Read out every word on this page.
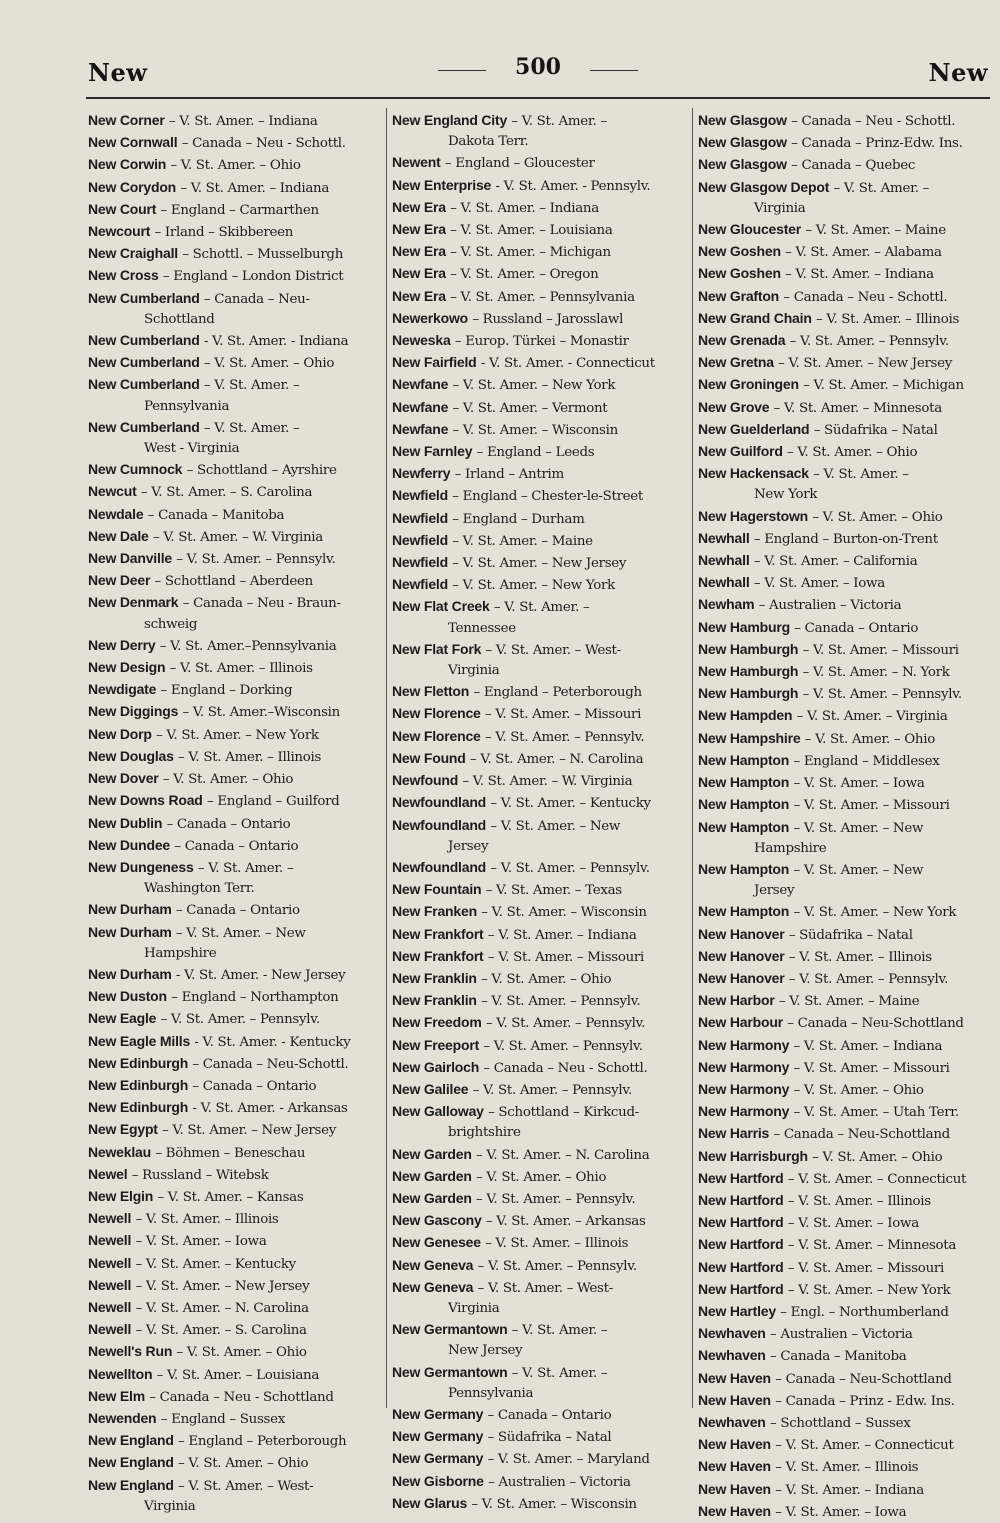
New	500	New
New Corner – V. St. Amer. – Indiana
New Cornwall – Canada – Neu - Schottl.
New Corwin – V. St. Amer. – Ohio
New Corydon – V. St. Amer. – Indiana
New Court – England – Carmarthen
Newcourt – Irland – Skibbereen
New Craighall – Schottl. – Musselburgh
New Cross – England – London District
New Cumberland – Canada – Neu-
Schottland
New Cumberland - V. St. Amer. - Indiana
New Cumberland – V. St. Amer. – Ohio
New Cumberland – V. St. Amer. –
Pennsylvania
New Cumberland – V. St. Amer. –
West - Virginia
New Cumnock – Schottland – Ayrshire
Newcut – V. St. Amer. – S. Carolina
Newdale – Canada – Manitoba
New Dale – V. St. Amer. – W. Virginia
New Danville – V. St. Amer. – Pennsylv.
New Deer – Schottland – Aberdeen
New Denmark – Canada – Neu - Braun-
schweig
New Derry – V. St. Amer.–Pennsylvania
New Design – V. St. Amer. – Illinois
Newdigate – England – Dorking
New Diggings – V. St. Amer.–Wisconsin
New Dorp – V. St. Amer. – New York
New Douglas – V. St. Amer. – Illinois
New Dover – V. St. Amer. – Ohio
New Downs Road – England – Guilford
New Dublin – Canada – Ontario
New Dundee – Canada – Ontario
New Dungeness – V. St. Amer. –
Washington Terr.
New Durham – Canada – Ontario
New Durham – V. St. Amer. – New
Hampshire
New Durham - V. St. Amer. - New Jersey
New Duston – England – Northampton
New Eagle – V. St. Amer. – Pennsylv.
New Eagle Mills - V. St. Amer. - Kentucky
New Edinburgh – Canada – Neu-Schottl.
New Edinburgh – Canada – Ontario
New Edinburgh - V. St. Amer. - Arkansas
New Egypt – V. St. Amer. – New Jersey
Neweklau – Böhmen – Beneschau
Newel – Russland – Witebsk
New Elgin – V. St. Amer. – Kansas
Newell – V. St. Amer. – Illinois
Newell – V. St. Amer. – Iowa
Newell – V. St. Amer. – Kentucky
Newell – V. St. Amer. – New Jersey
Newell – V. St. Amer. – N. Carolina
Newell – V. St. Amer. – S. Carolina
Newell's Run – V. St. Amer. – Ohio
Newellton – V. St. Amer. – Louisiana
New Elm – Canada – Neu - Schottland
Newenden – England – Sussex
New England – England – Peterborough
New England – V. St. Amer. – Ohio
New England – V. St. Amer. – West-
Virginia
New England City – V. St. Amer. –
Dakota Terr.
Newent – England – Gloucester
New Enterprise - V. St. Amer. - Pennsylv.
New Era – V. St. Amer. – Indiana
New Era – V. St. Amer. – Louisiana
New Era – V. St. Amer. – Michigan
New Era – V. St. Amer. – Oregon
New Era – V. St. Amer. – Pennsylvania
Newerkowo – Russland – Jarosslawl
Neweska – Europ. Türkei – Monastir
New Fairfield - V. St. Amer. - Connecticut
Newfane – V. St. Amer. – New York
Newfane – V. St. Amer. – Vermont
Newfane – V. St. Amer. – Wisconsin
New Farnley – England – Leeds
Newferry – Irland – Antrim
Newfield – England – Chester-le-Street
Newfield – England – Durham
Newfield – V. St. Amer. – Maine
Newfield – V. St. Amer. – New Jersey
Newfield – V. St. Amer. – New York
New Flat Creek – V. St. Amer. –
Tennessee
New Flat Fork – V. St. Amer. – West-
Virginia
New Fletton – England – Peterborough
New Florence – V. St. Amer. – Missouri
New Florence – V. St. Amer. – Pennsylv.
New Found – V. St. Amer. – N. Carolina
Newfound – V. St. Amer. – W. Virginia
Newfoundland – V. St. Amer. – Kentucky
Newfoundland – V. St. Amer. – New
Jersey
Newfoundland – V. St. Amer. – Pennsylv.
New Fountain – V. St. Amer. – Texas
New Franken – V. St. Amer. – Wisconsin
New Frankfort – V. St. Amer. – Indiana
New Frankfort – V. St. Amer. – Missouri
New Franklin – V. St. Amer. – Ohio
New Franklin – V. St. Amer. – Pennsylv.
New Freedom – V. St. Amer. – Pennsylv.
New Freeport – V. St. Amer. – Pennsylv.
New Gairloch – Canada – Neu - Schottl.
New Galilee – V. St. Amer. – Pennsylv.
New Galloway – Schottland – Kirkcud-
brightshire
New Garden – V. St. Amer. – N. Carolina
New Garden – V. St. Amer. – Ohio
New Garden – V. St. Amer. – Pennsylv.
New Gascony – V. St. Amer. – Arkansas
New Genesee – V. St. Amer. – Illinois
New Geneva – V. St. Amer. – Pennsylv.
New Geneva – V. St. Amer. – West-
Virginia
New Germantown – V. St. Amer. –
New Jersey
New Germantown – V. St. Amer. –
Pennsylvania
New Germany – Canada – Ontario
New Germany – Südafrika – Natal
New Germany – V. St. Amer. – Maryland
New Gisborne – Australien – Victoria
New Glarus – V. St. Amer. – Wisconsin
New Glasgow – Canada – Neu - Schottl.
New Glasgow – Canada – Prinz-Edw. Ins.
New Glasgow – Canada – Quebec
New Glasgow Depot – V. St. Amer. –
Virginia
New Gloucester – V. St. Amer. – Maine
New Goshen – V. St. Amer. – Alabama
New Goshen – V. St. Amer. – Indiana
New Grafton – Canada – Neu - Schottl.
New Grand Chain – V. St. Amer. – Illinois
New Grenada – V. St. Amer. – Pennsylv.
New Gretna – V. St. Amer. – New Jersey
New Groningen – V. St. Amer. – Michigan
New Grove – V. St. Amer. – Minnesota
New Guelderland – Südafrika – Natal
New Guilford – V. St. Amer. – Ohio
New Hackensack – V. St. Amer. –
New York
New Hagerstown – V. St. Amer. – Ohio
Newhall – England – Burton-on-Trent
Newhall – V. St. Amer. – California
Newhall – V. St. Amer. – Iowa
Newham – Australien – Victoria
New Hamburg – Canada – Ontario
New Hamburgh – V. St. Amer. – Missouri
New Hamburgh – V. St. Amer. – N. York
New Hamburgh – V. St. Amer. – Pennsylv.
New Hampden – V. St. Amer. – Virginia
New Hampshire – V. St. Amer. – Ohio
New Hampton – England – Middlesex
New Hampton – V. St. Amer. – Iowa
New Hampton – V. St. Amer. – Missouri
New Hampton – V. St. Amer. – New
Hampshire
New Hampton – V. St. Amer. – New
Jersey
New Hampton – V. St. Amer. – New York
New Hanover – Südafrika – Natal
New Hanover – V. St. Amer. – Illinois
New Hanover – V. St. Amer. – Pennsylv.
New Harbor – V. St. Amer. – Maine
New Harbour – Canada – Neu-Schottland
New Harmony – V. St. Amer. – Indiana
New Harmony – V. St. Amer. – Missouri
New Harmony – V. St. Amer. – Ohio
New Harmony – V. St. Amer. – Utah Terr.
New Harris – Canada – Neu-Schottland
New Harrisburgh – V. St. Amer. – Ohio
New Hartford – V. St. Amer. – Connecticut
New Hartford – V. St. Amer. – Illinois
New Hartford – V. St. Amer. – Iowa
New Hartford – V. St. Amer. – Minnesota
New Hartford – V. St. Amer. – Missouri
New Hartford – V. St. Amer. – New York
New Hartley – Engl. – Northumberland
Newhaven – Australien – Victoria
Newhaven – Canada – Manitoba
New Haven – Canada – Neu-Schottland
New Haven – Canada – Prinz - Edw. Ins.
Newhaven – Schottland – Sussex
New Haven – V. St. Amer. – Connecticut
New Haven – V. St. Amer. – Illinois
New Haven – V. St. Amer. – Indiana
New Haven – V. St. Amer. – Iowa
